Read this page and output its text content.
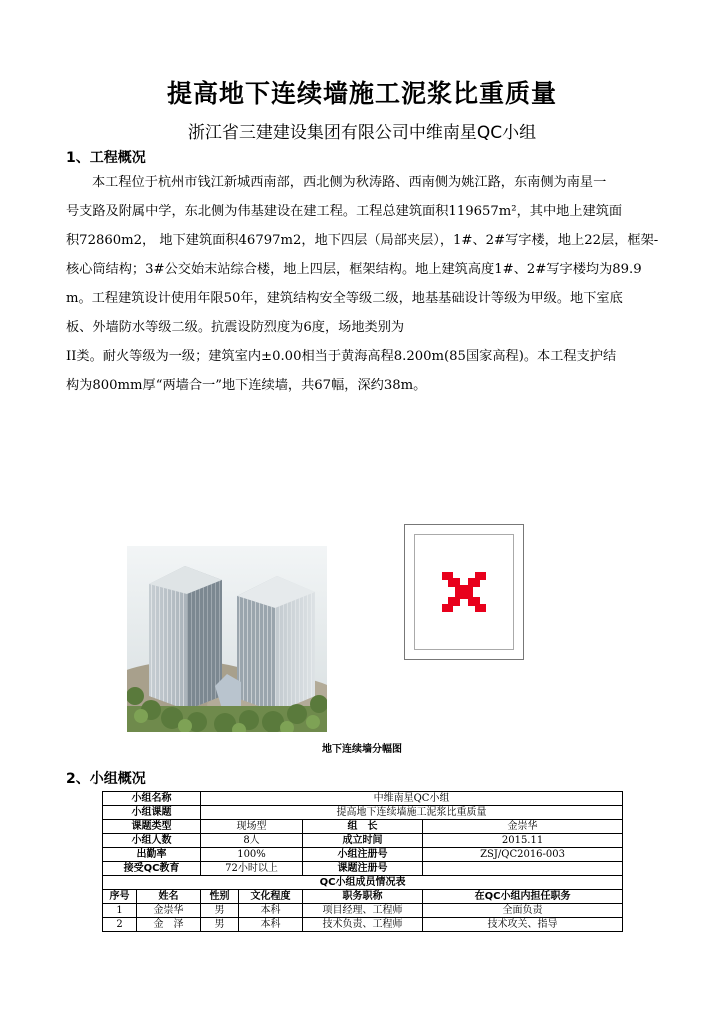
提高地下连续墙施工泥浆比重质量
浙江省三建建设集团有限公司中维南星QC小组
1、工程概况
本工程位于杭州市钱江新城西南部，西北侧为秋涛路、西南侧为姚江路，东南侧为南星一
号支路及附属中学，东北侧为伟基建设在建工程。工程总建筑面积119657m²，其中地上建筑面
积72860m2， 地下建筑面积46797m2，地下四层（局部夹层），1#、2#写字楼，地上22层，框架-
核心筒结构；3#公交始末站综合楼，地上四层，框架结构。地上建筑高度1#、2#写字楼均为89.9
m。工程建筑设计使用年限50年，建筑结构安全等级二级，地基基础设计等级为甲级。地下室底
板、外墙防水等级二级。抗震设防烈度为6度，场地类别为
II类。耐火等级为一级；建筑室内±0.00相当于黄海高程8.200m(85国家高程)。本工程支护结
构为800mm厚“两墙合一”地下连续墙，共67幅，深约38m。
地下连续墙分幅图
2、小组概况
小组名称		中维南星QC小组			
小组课题		提高地下连续墙施工泥浆比重质量			
课题类型		现场型		组　长	金崇华
小组人数		8人		成立时间	2015.11
出勤率		100%		小组注册号	ZSJ/QC2016-003
接受QC教育		72小时以上		课题注册号	
QC小组成员情况表					
序号	姓名	性别	文化程度	职务职称	在QC小组内担任职务
1	金崇华	男	本科	项目经理、工程师	全面负责
2	金　泽	男	本科	技术负责、工程师	技术攻关、指导
